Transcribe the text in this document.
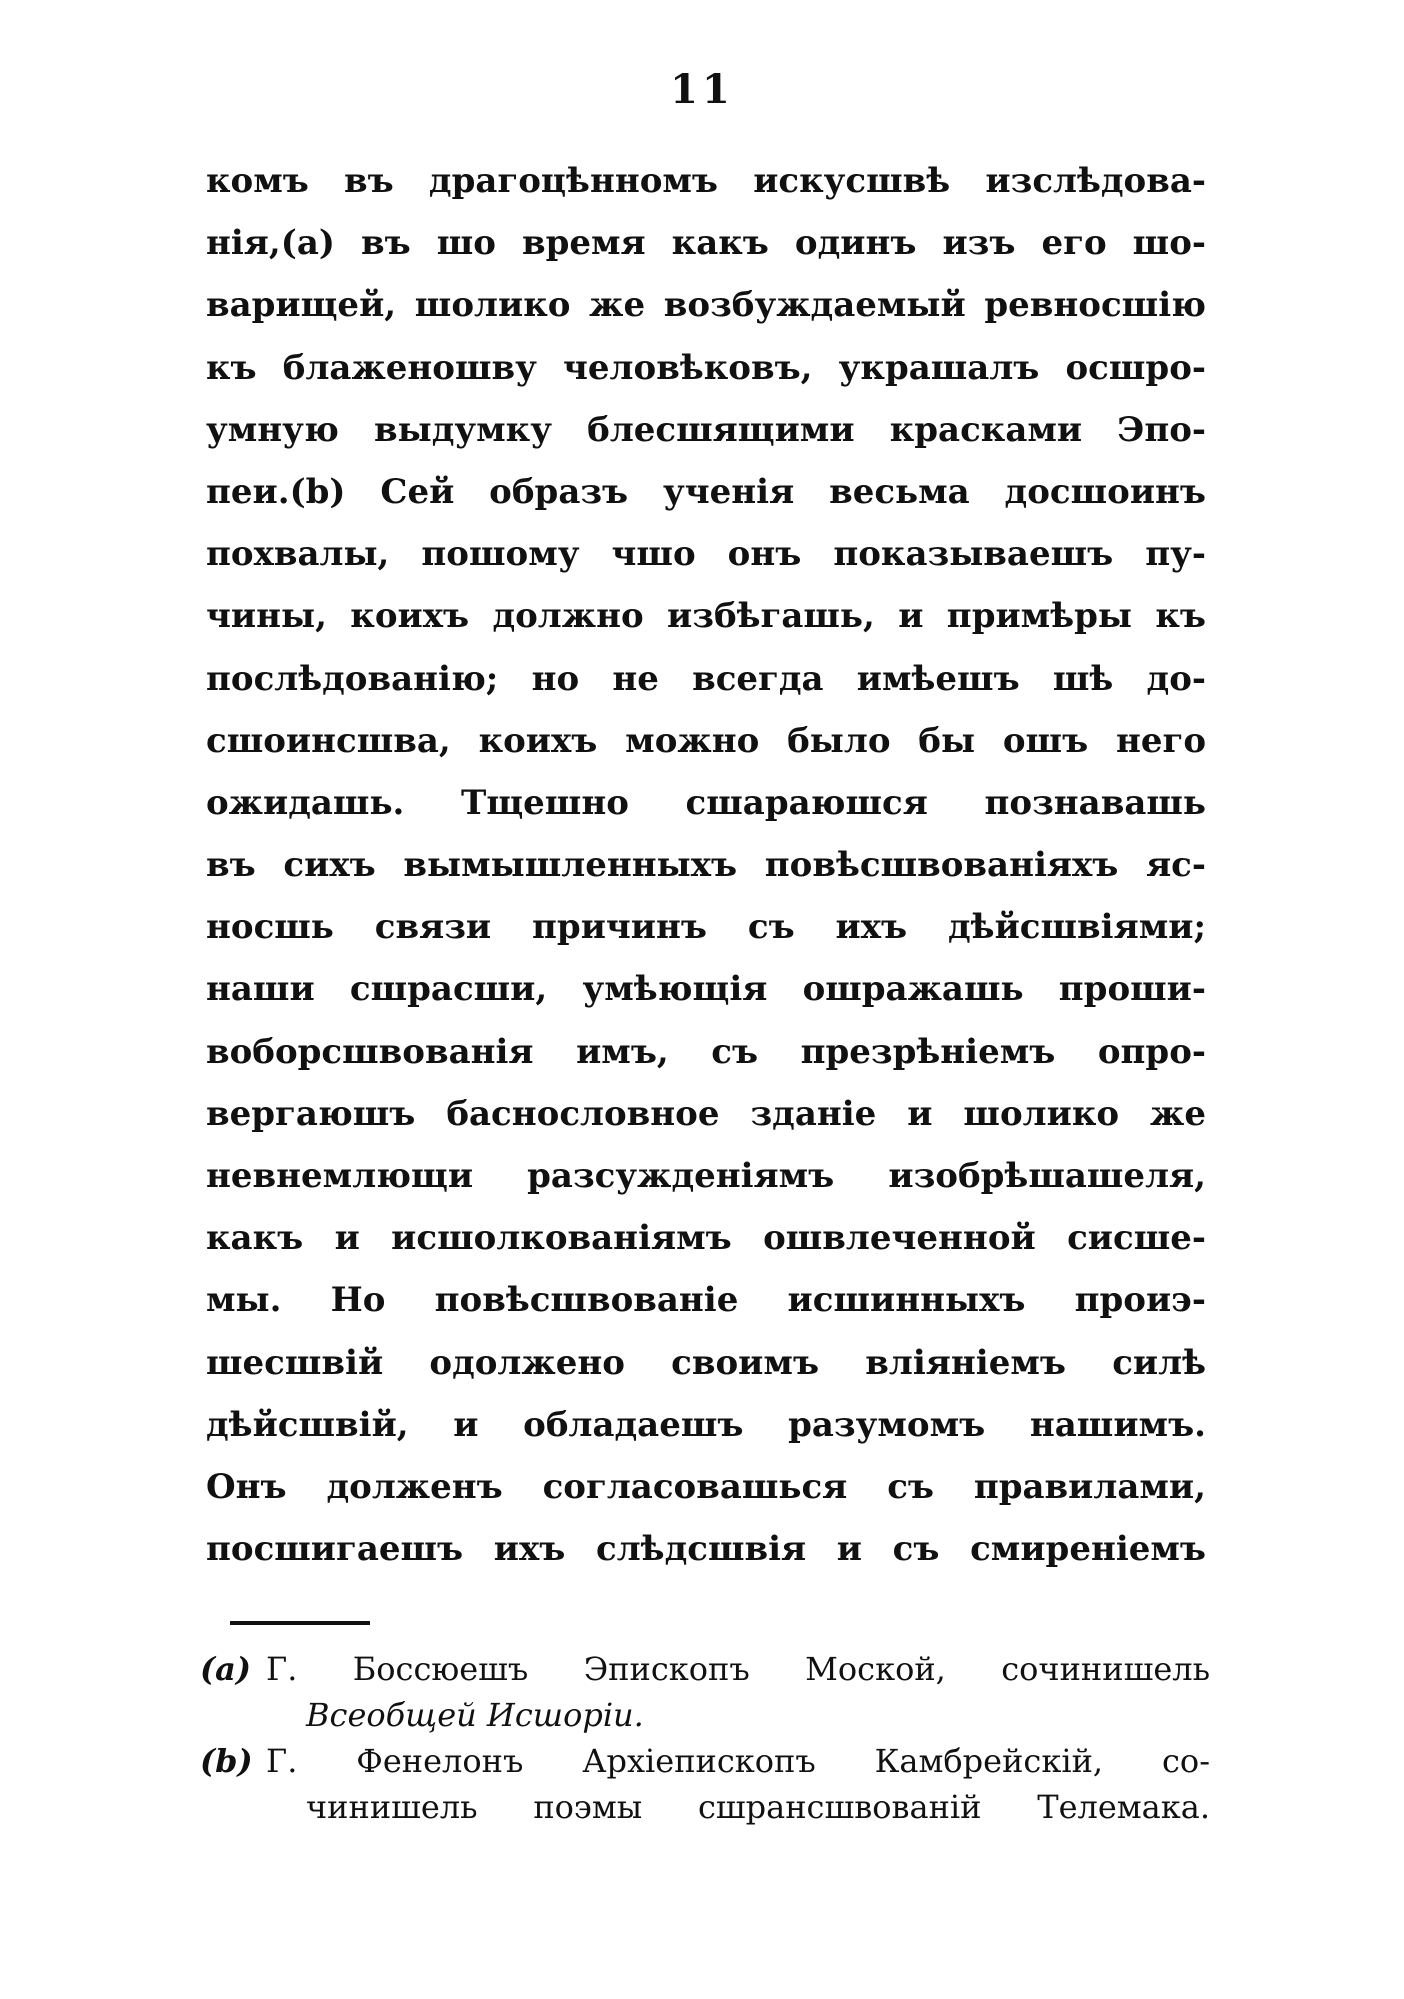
11
комъ въ драгоцѣнномъ искусшвѣ изслѣдова-
нія,(a) въ шо время какъ одинъ изъ его шо-
варищей, шолико же возбуждаемый ревносшію
къ блаженошву человѣковъ, украшалъ осшро-
умную выдумку блесшящими красками Эпо-
пеи.(b) Сей образъ ученія весьма досшоинъ
похвалы, пошому чшо онъ показываешъ пу-
чины, коихъ должно избѣгашь, и примѣры къ
послѣдованію; но не всегда имѣешъ шѣ до-
сшоинсшва, коихъ можно было бы ошъ него
ожидашь. Тщешно сшараюшся познавашь
въ сихъ вымышленныхъ повѣсшвованіяхъ яс-
носшь связи причинъ съ ихъ дѣйсшвіями;
наши сшрасши, умѣющія ошражашь проши-
воборсшвованія имъ, съ презрѣніемъ опро-
вергаюшъ баснословное зданіе и шолико же
невнемлющи разсужденіямъ изобрѣшашеля,
какъ и исшолкованіямъ ошвлеченной сисше-
мы. Но повѣсшвованіе исшинныхъ проиэ-
шесшвій одолжено своимъ вліяніемъ силѣ
дѣйсшвій, и обладаешъ разумомъ нашимъ.
Онъ долженъ согласовашься съ правилами,
посшигаешъ ихъ слѣдсшвія и съ смиреніемъ
(a) Г. Боссюешъ Эпископъ Моской, сочинишель
Всеобщей Исшоріи.
(b) Г. Фенелонъ Архіепископъ Камбрейскій, со-
чинишель поэмы сшрансшвованій Телемака.
